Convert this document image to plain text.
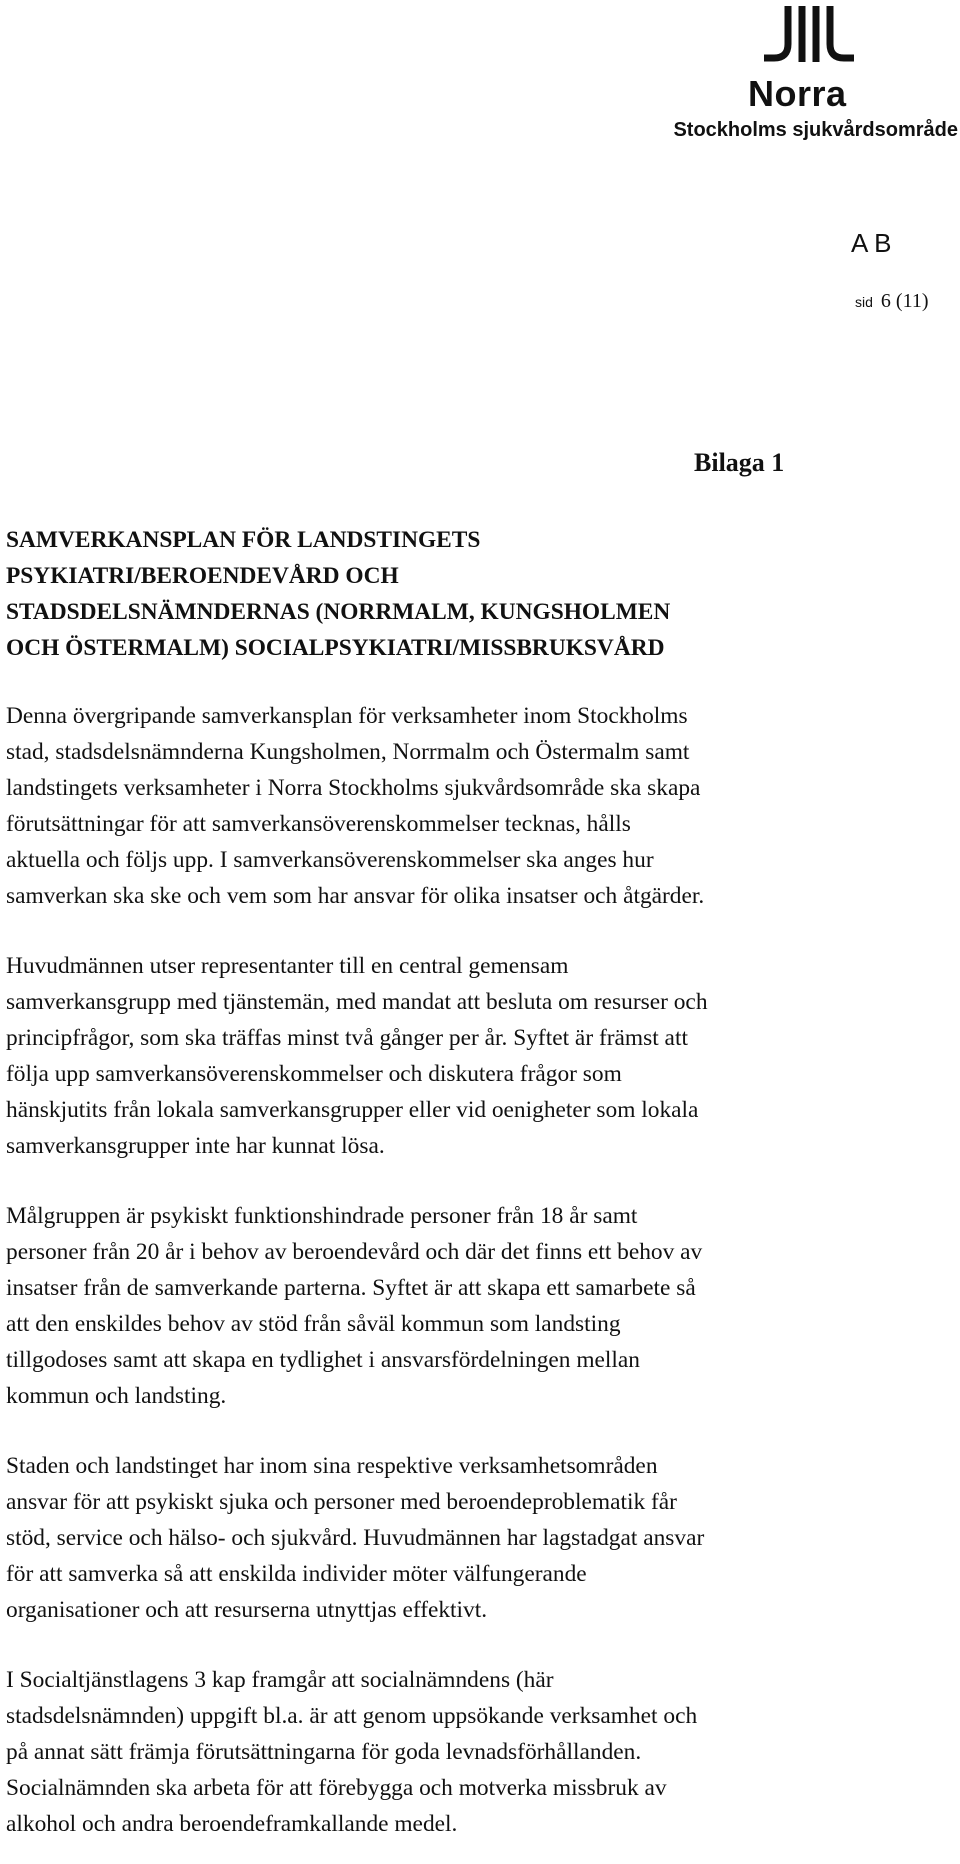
Norra
Stockholms sjukvårdsområde
A B
sid 6 (11)
Bilaga 1
SAMVERKANSPLAN FÖR LANDSTINGETS
PSYKIATRI/BEROENDEVÅRD OCH
STADSDELSNÄMNDERNAS (NORRMALM, KUNGSHOLMEN
OCH ÖSTERMALM) SOCIALPSYKIATRI/MISSBRUKSVÅRD

Denna övergripande samverkansplan för verksamheter inom Stockholms
stad, stadsdelsnämnderna Kungsholmen, Norrmalm och Östermalm samt
landstingets verksamheter i Norra Stockholms sjukvårdsområde ska skapa
förutsättningar för att samverkansöverenskommelser tecknas, hålls
aktuella och följs upp. I samverkansöverenskommelser ska anges hur
samverkan ska ske och vem som har ansvar för olika insatser och åtgärder.

Huvudmännen utser representanter till en central gemensam
samverkansgrupp med tjänstemän, med mandat att besluta om resurser och
principfrågor, som ska träffas minst två gånger per år. Syftet är främst att
följa upp samverkansöverenskommelser och diskutera frågor som
hänskjutits från lokala samverkansgrupper eller vid oenigheter som lokala
samverkansgrupper inte har kunnat lösa.

Målgruppen är psykiskt funktionshindrade personer från 18 år samt
personer från 20 år i behov av beroendevård och där det finns ett behov av
insatser från de samverkande parterna. Syftet är att skapa ett samarbete så
att den enskildes behov av stöd från såväl kommun som landsting
tillgodoses samt att skapa en tydlighet i ansvarsfördelningen mellan
kommun och landsting.

Staden och landstinget har inom sina respektive verksamhetsområden
ansvar för att psykiskt sjuka och personer med beroendeproblematik får
stöd, service och hälso- och sjukvård. Huvudmännen har lagstadgat ansvar
för att samverka så att enskilda individer möter välfungerande
organisationer och att resurserna utnyttjas effektivt.

I Socialtjänstlagens 3 kap framgår att socialnämndens (här
stadsdelsnämnden) uppgift bl.a. är att genom uppsökande verksamhet och
på annat sätt främja förutsättningarna för goda levnadsförhållanden.
Socialnämnden ska arbeta för att förebygga och motverka missbruk av
alkohol och andra beroendeframkallande medel.
